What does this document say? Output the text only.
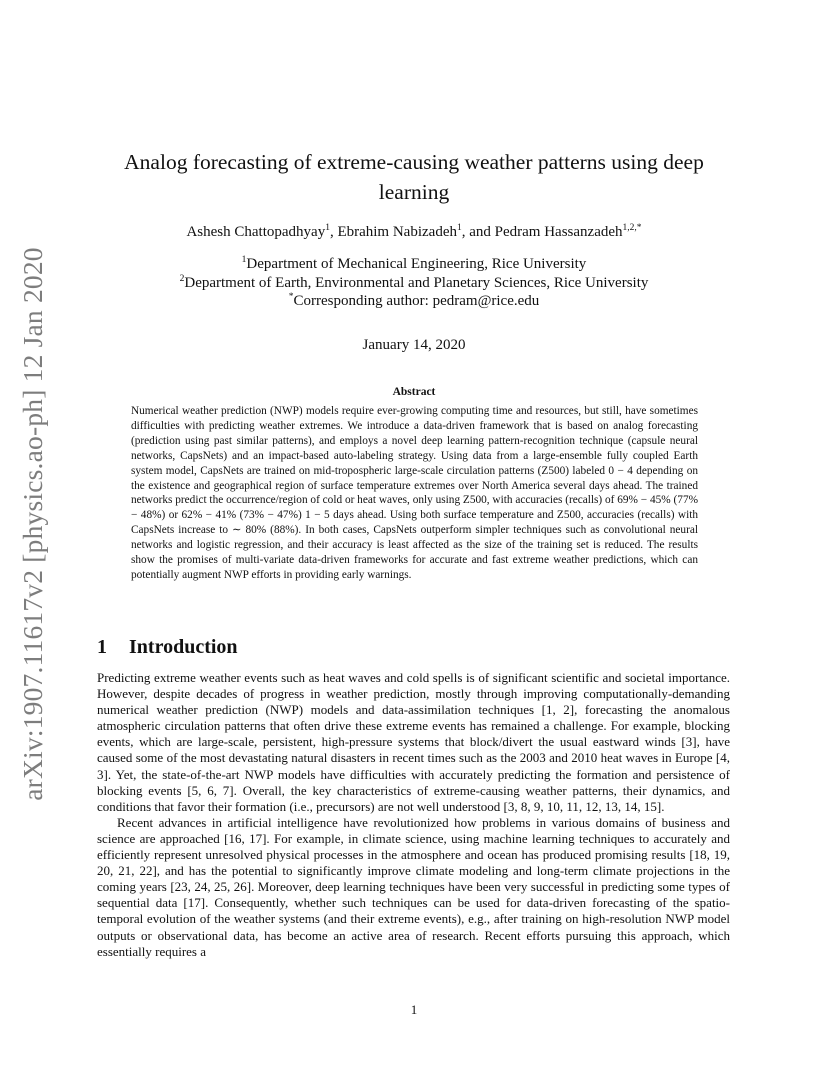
arXiv:1907.11617v2 [physics.ao-ph] 12 Jan 2020
Analog forecasting of extreme-causing weather patterns using deep learning
Ashesh Chattopadhyay$^1$, Ebrahim Nabizadeh$^1$, and Pedram Hassanzadeh$^{1,2,*}$
$^1$Department of Mechanical Engineering, Rice University
$^2$Department of Earth, Environmental and Planetary Sciences, Rice University
*Corresponding author: pedram@rice.edu
January 14, 2020
Abstract
Numerical weather prediction (NWP) models require ever-growing computing time and resources, but still, have sometimes difficulties with predicting weather extremes. We introduce a data-driven framework that is based on analog forecasting (prediction using past similar patterns), and employs a novel deep learning pattern-recognition technique (capsule neural networks, CapsNets) and an impact-based auto-labeling strategy. Using data from a large-ensemble fully coupled Earth system model, CapsNets are trained on mid-tropospheric large-scale circulation patterns (Z500) labeled 0 − 4 depending on the existence and geographical region of surface temperature extremes over North America several days ahead. The trained networks predict the occurrence/region of cold or heat waves, only using Z500, with accuracies (recalls) of 69% − 45% (77% − 48%) or 62% − 41% (73% − 47%) 1 − 5 days ahead. Using both surface temperature and Z500, accuracies (recalls) with CapsNets increase to ∼ 80% (88%). In both cases, CapsNets outperform simpler techniques such as convolutional neural networks and logistic regression, and their accuracy is least affected as the size of the training set is reduced. The results show the promises of multi-variate data-driven frameworks for accurate and fast extreme weather predictions, which can potentially augment NWP efforts in providing early warnings.
1 Introduction

Predicting extreme weather events such as heat waves and cold spells is of significant scientific and societal importance. However, despite decades of progress in weather prediction, mostly through improving computationally-demanding numerical weather prediction (NWP) models and data-assimilation techniques [1, 2], forecasting the anomalous atmospheric circulation patterns that often drive these extreme events has remained a challenge. For example, blocking events, which are large-scale, persistent, high-pressure systems that block/divert the usual eastward winds [3], have caused some of the most devastating natural disasters in recent times such as the 2003 and 2010 heat waves in Europe [4, 3]. Yet, the state-of-the-art NWP models have difficulties with accurately predicting the formation and persistence of blocking events [5, 6, 7]. Overall, the key characteristics of extreme-causing weather patterns, their dynamics, and conditions that favor their formation (i.e., precursors) are not well understood [3, 8, 9, 10, 11, 12, 13, 14, 15].

Recent advances in artificial intelligence have revolutionized how problems in various domains of business and science are approached [16, 17]. For example, in climate science, using machine learning techniques to accurately and efficiently represent unresolved physical processes in the atmosphere and ocean has produced promising results [18, 19, 20, 21, 22], and has the potential to significantly improve climate modeling and long-term climate projections in the coming years [23, 24, 25, 26]. Moreover, deep learning techniques have been very successful in predicting some types of sequential data [17]. Consequently, whether such techniques can be used for data-driven forecasting of the spatio-temporal evolution of the weather systems (and their extreme events), e.g., after training on high-resolution NWP model outputs or observational data, has become an active area of research. Recent efforts pursuing this approach, which essentially requires a

1
